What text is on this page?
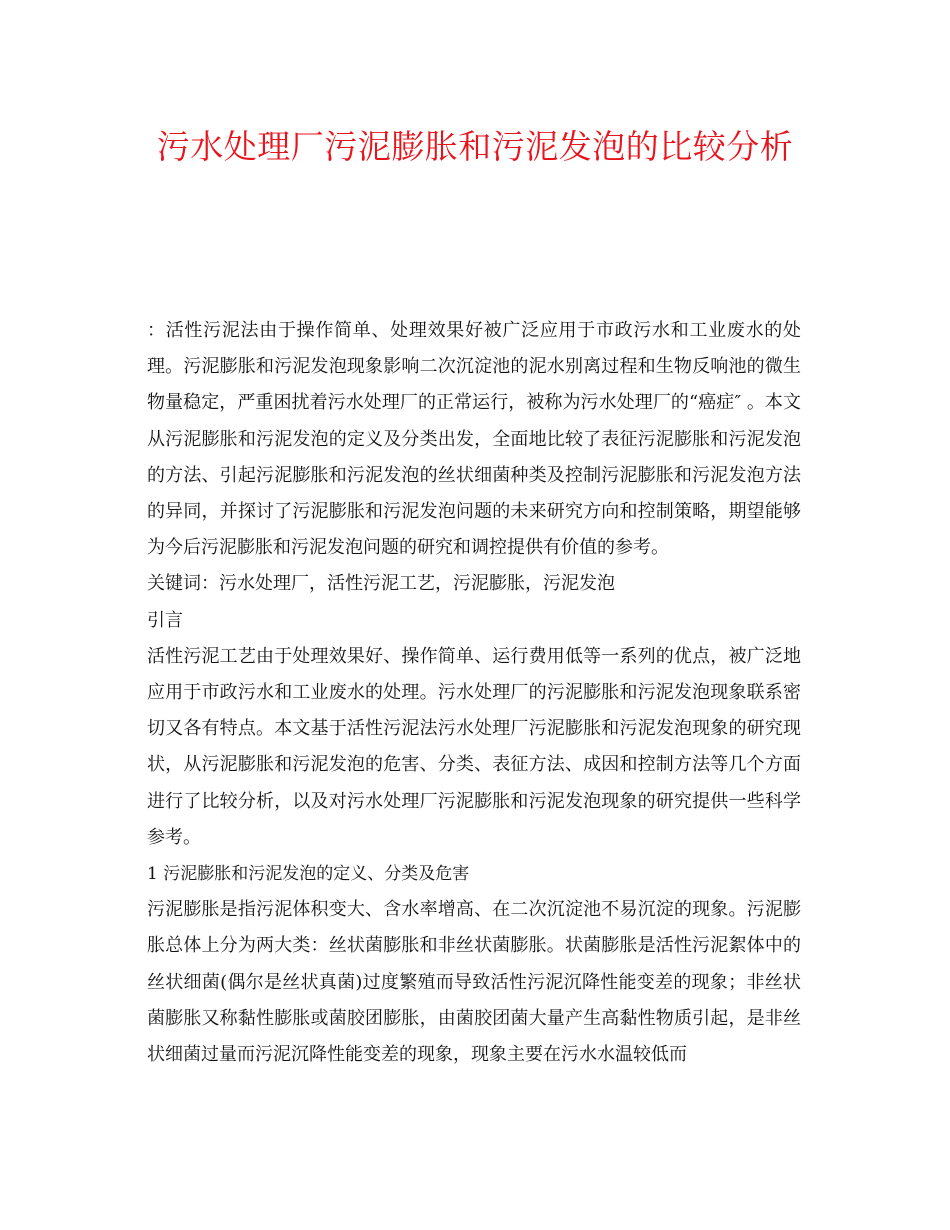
污水处理厂污泥膨胀和污泥发泡的比较分析

：活性污泥法由于操作简单、处理效果好被广泛应用于市政污水和工业废水的处理。污泥膨胀和污泥发泡现象影响二次沉淀池的泥水别离过程和生物反响池的微生物量稳定，严重困扰着污水处理厂的正常运行，被称为污水处理厂的“癌症″ 。本文从污泥膨胀和污泥发泡的定义及分类出发，全面地比较了表征污泥膨胀和污泥发泡的方法、引起污泥膨胀和污泥发泡的丝状细菌种类及控制污泥膨胀和污泥发泡方法的异同，并探讨了污泥膨胀和污泥发泡问题的未来研究方向和控制策略，期望能够为今后污泥膨胀和污泥发泡问题的研究和调控提供有价值的参考。

关键词：污水处理厂，活性污泥工艺，污泥膨胀，污泥发泡

引言

活性污泥工艺由于处理效果好、操作简单、运行费用低等一系列的优点，被广泛地应用于市政污水和工业废水的处理。污水处理厂的污泥膨胀和污泥发泡现象联系密切又各有特点。本文基于活性污泥法污水处理厂污泥膨胀和污泥发泡现象的研究现状，从污泥膨胀和污泥发泡的危害、分类、表征方法、成因和控制方法等几个方面进行了比较分析，以及对污水处理厂污泥膨胀和污泥发泡现象的研究提供一些科学参考。

1 污泥膨胀和污泥发泡的定义、分类及危害

污泥膨胀是指污泥体积变大、含水率增高、在二次沉淀池不易沉淀的现象。污泥膨胀总体上分为两大类：丝状菌膨胀和非丝状菌膨胀。状菌膨胀是活性污泥絮体中的丝状细菌(偶尔是丝状真菌)过度繁殖而导致活性污泥沉降性能变差的现象；非丝状菌膨胀又称黏性膨胀或菌胶团膨胀，由菌胶团菌大量产生高黏性物质引起，是非丝状细菌过量而污泥沉降性能变差的现象，现象主要在污水水温较低而
